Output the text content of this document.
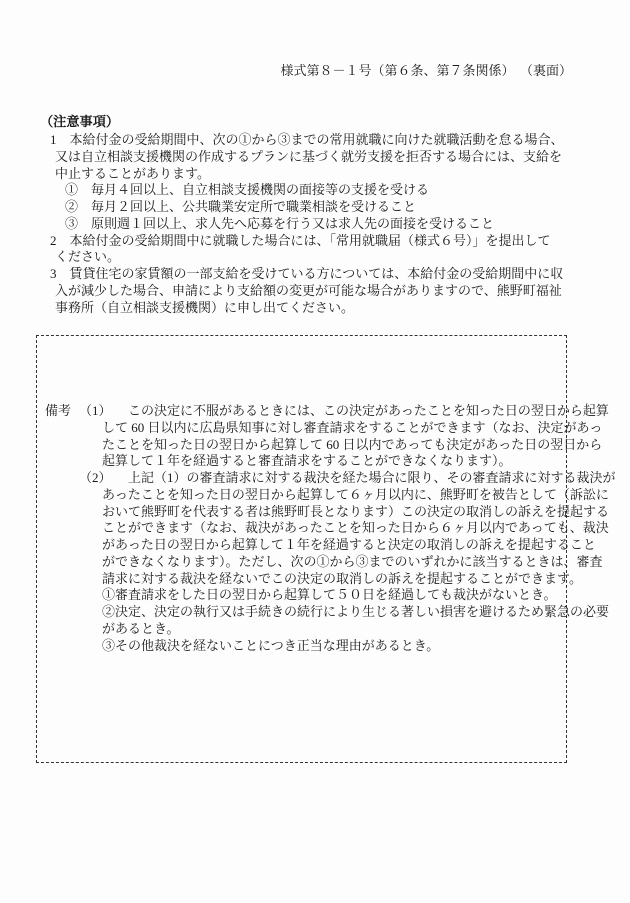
様式第８－１号（第６条、第７条関係） （裏面）
（注意事項）
1　本給付金の受給期間中、次の①から③までの常用就職に向けた就職活動を怠る場合、
又は自立相談支援機関の作成するプランに基づく就労支援を拒否する場合には、支給を
中止することがあります。
①　毎月４回以上、自立相談支援機関の面接等の支援を受ける
②　毎月２回以上、公共職業安定所で職業相談を受けること
③　原則週１回以上、求人先へ応募を行う又は求人先の面接を受けること
2　本給付金の受給期間中に就職した場合には、「常用就職届（様式６号）」を提出して
ください。
3　賃貸住宅の家賃額の一部支給を受けている方については、本給付金の受給期間中に収
入が減少した場合、申請により支給額の変更が可能な場合がありますので、熊野町福祉
事務所（自立相談支援機関）に申し出てください。
備考 （1） この決定に不服があるときには、この決定があったことを知った日の翌日から起算
して 60 日以内に広島県知事に対し審査請求をすることができます（なお、決定があっ
たことを知った日の翌日から起算して 60 日以内であっても決定があった日の翌日から
起算して１年を経過すると審査請求をすることができなくなります）。
（2） 上記（1）の審査請求に対する裁決を経た場合に限り、その審査請求に対する裁決が
あったことを知った日の翌日から起算して６ヶ月以内に、熊野町を被告として（訴訟に
おいて熊野町を代表する者は熊野町長となります）この決定の取消しの訴えを提起する
ことができます（なお、裁決があったことを知った日から６ヶ月以内であっても、裁決
があった日の翌日から起算して１年を経過すると決定の取消しの訴えを提起すること
ができなくなります）。ただし、次の①から③までのいずれかに該当するときは、審査
請求に対する裁決を経ないでこの決定の取消しの訴えを提起することができます。
①審査請求をした日の翌日から起算して５０日を経過しても裁決がないとき。
②決定、決定の執行又は手続きの続行により生じる著しい損害を避けるため緊急の必要
があるとき。
③その他裁決を経ないことにつき正当な理由があるとき。
